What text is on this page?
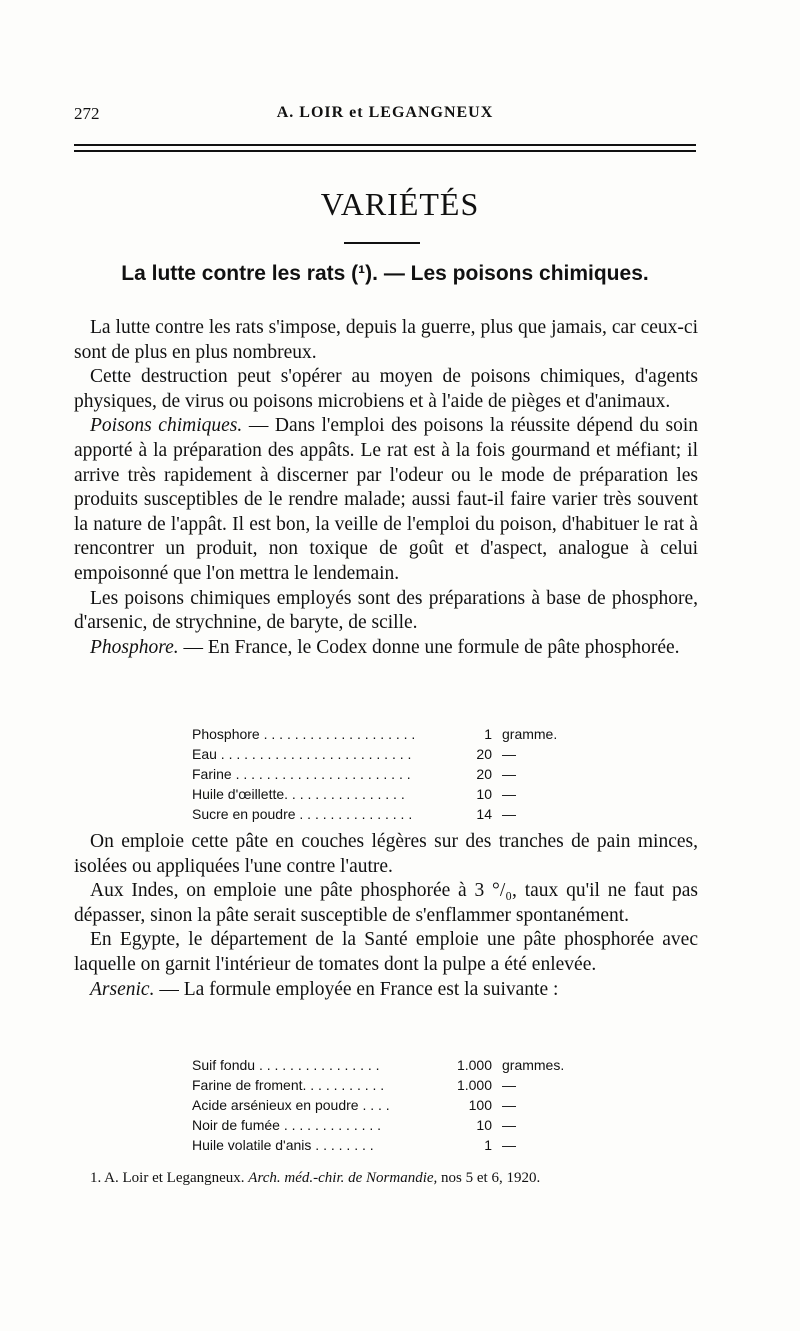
272	A. LOIR et LEGANGNEUX
VARIÉTÉS
La lutte contre les rats (¹). — Les poisons chimiques.

La lutte contre les rats s'impose, depuis la guerre, plus que jamais, car ceux-ci sont de plus en plus nombreux.

Cette destruction peut s'opérer au moyen de poisons chimiques, d'agents physiques, de virus ou poisons microbiens et à l'aide de pièges et d'animaux.

Poisons chimiques. — Dans l'emploi des poisons la réussite dépend du soin apporté à la préparation des appâts. Le rat est à la fois gourmand et méfiant; il arrive très rapidement à discerner par l'odeur ou le mode de préparation les produits susceptibles de le rendre malade; aussi faut-il faire varier très souvent la nature de l'appât. Il est bon, la veille de l'emploi du poison, d'habituer le rat à rencontrer un produit, non toxique de goût et d'aspect, analogue à celui empoisonné que l'on mettra le lendemain.

Les poisons chimiques employés sont des préparations à base de phosphore, d'arsenic, de strychnine, de baryte, de scille.

Phosphore. — En France, le Codex donne une formule de pâte phosphorée.

Phosphore . . . . . . . . . . . . . . . . . . . .	1 gramme.
Eau . . . . . . . . . . . . . . . . . . . . . . . . .	20 —
Farine . . . . . . . . . . . . . . . . . . . . . . .	20 —
Huile d'œillette. . . . . . . . . . . . . . . .	10 —
Sucre en poudre . . . . . . . . . . . . . . .	14 —

On emploie cette pâte en couches légères sur des tranches de pain minces, isolées ou appliquées l'une contre l'autre.

Aux Indes, on emploie une pâte phosphorée à 3 °/₀, taux qu'il ne faut pas dépasser, sinon la pâte serait susceptible de s'enflammer spontanément.

En Egypte, le département de la Santé emploie une pâte phosphorée avec laquelle on garnit l'intérieur de tomates dont la pulpe a été enlevée.

Arsenic. — La formule employée en France est la suivante :

Suif fondu . . . . . . . . . . . . . . . .	1.000 grammes.
Farine de froment. . . . . . . . . . .	1.000 —
Acide arsénieux en poudre . . . .	100 —
Noir de fumée . . . . . . . . . . . . .	10 —
Huile volatile d'anis . . . . . . . .	1 —
1. A. Loir et Legangneux. Arch. méd.-chir. de Normandie, nos 5 et 6, 1920.
